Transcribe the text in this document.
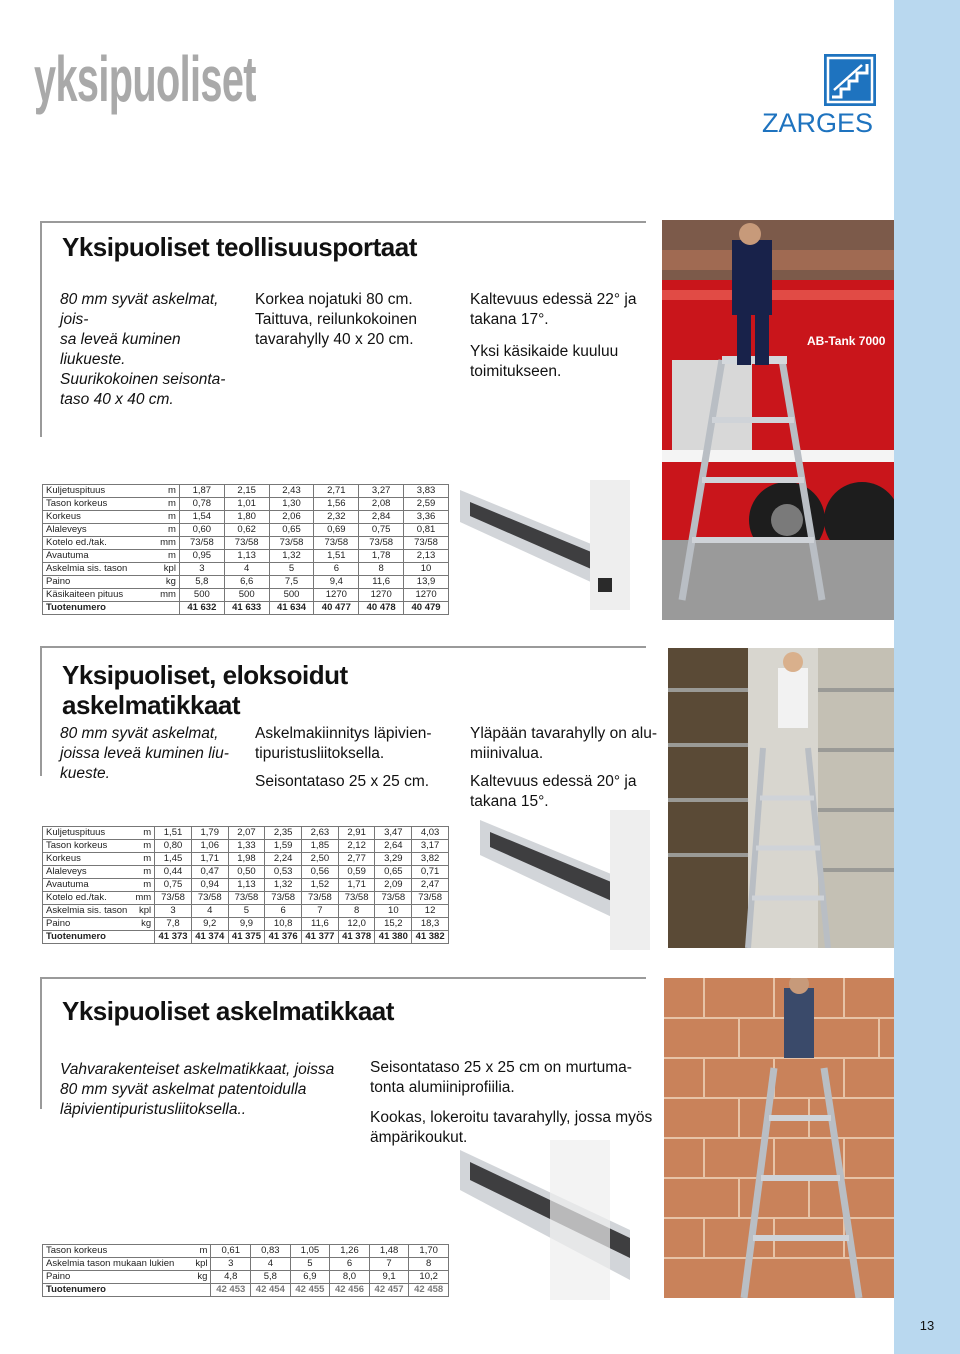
13
yksipuoliset
ZARGES
Yksipuoliset teollisuusportaat
80 mm syvät askelmat, jois-
sa leveä kuminen liukueste.
Suurikokoinen seisonta-
taso 40 x 40 cm.
Korkea nojatuki 80 cm.
Taittuva, reilunkokoinen
tavarahylly 40 x 20 cm.
Kaltevuus edessä 22° ja
takana 17°.
Yksi käsikaide kuuluu
toimitukseen.
Kuljetuspituus	m	1,87	2,15	2,43	2,71	3,27	3,83
Tason korkeus	m	0,78	1,01	1,30	1,56	2,08	2,59
Korkeus	m	1,54	1,80	2,06	2,32	2,84	3,36
Alaleveys	m	0,60	0,62	0,65	0,69	0,75	0,81
Kotelo ed./tak.	mm	73/58	73/58	73/58	73/58	73/58	73/58
Avautuma	m	0,95	1,13	1,32	1,51	1,78	2,13
Askelmia sis. tason	kpl	3	4	5	6	8	10
Paino	kg	5,8	6,6	7,5	9,4	11,6	13,9
Käsikaiteen pituus	mm	500	500	500	1270	1270	1270
Tuotenumero		41 632	41 633	41 634	40 477	40 478	40 479
AB-Tank 7000
Yksipuoliset, eloksoidut
askelmatikkaat
80 mm syvät askelmat,
joissa leveä kuminen liu-
kueste.
Askelmakiinnitys läpivien-
tipuristusliitoksella.
Seisontataso 25 x 25 cm.
Yläpään tavarahylly on alu-
miinivalua.
Kaltevuus edessä 20° ja
takana 15°.
Kuljetuspituus	m	1,51	1,79	2,07	2,35	2,63	2,91	3,47	4,03
Tason korkeus	m	0,80	1,06	1,33	1,59	1,85	2,12	2,64	3,17
Korkeus	m	1,45	1,71	1,98	2,24	2,50	2,77	3,29	3,82
Alaleveys	m	0,44	0,47	0,50	0,53	0,56	0,59	0,65	0,71
Avautuma	m	0,75	0,94	1,13	1,32	1,52	1,71	2,09	2,47
Kotelo ed./tak.	mm	73/58	73/58	73/58	73/58	73/58	73/58	73/58	73/58
Askelmia sis. tason	kpl	3	4	5	6	7	8	10	12
Paino	kg	7,8	9,2	9,9	10,8	11,6	12,0	15,2	18,3
Tuotenumero		41 373	41 374	41 375	41 376	41 377	41 378	41 380	41 382
Yksipuoliset askelmatikkaat
Vahvarakenteiset askelmatikkaat, joissa
80 mm syvät askelmat patentoidulla
läpivientipuristusliitoksella..
Seisontataso 25 x 25 cm on murtuma-
tonta alumiiniprofiilia.
Kookas, lokeroitu tavarahylly, jossa myös
ämpärikoukut.
Tason korkeus	m	0,61	0,83	1,05	1,26	1,48	1,70
Askelmia tason mukaan lukien	kpl	3	4	5	6	7	8
Paino	kg	4,8	5,8	6,9	8,0	9,1	10,2
Tuotenumero		42 453	42 454	42 455	42 456	42 457	42 458
